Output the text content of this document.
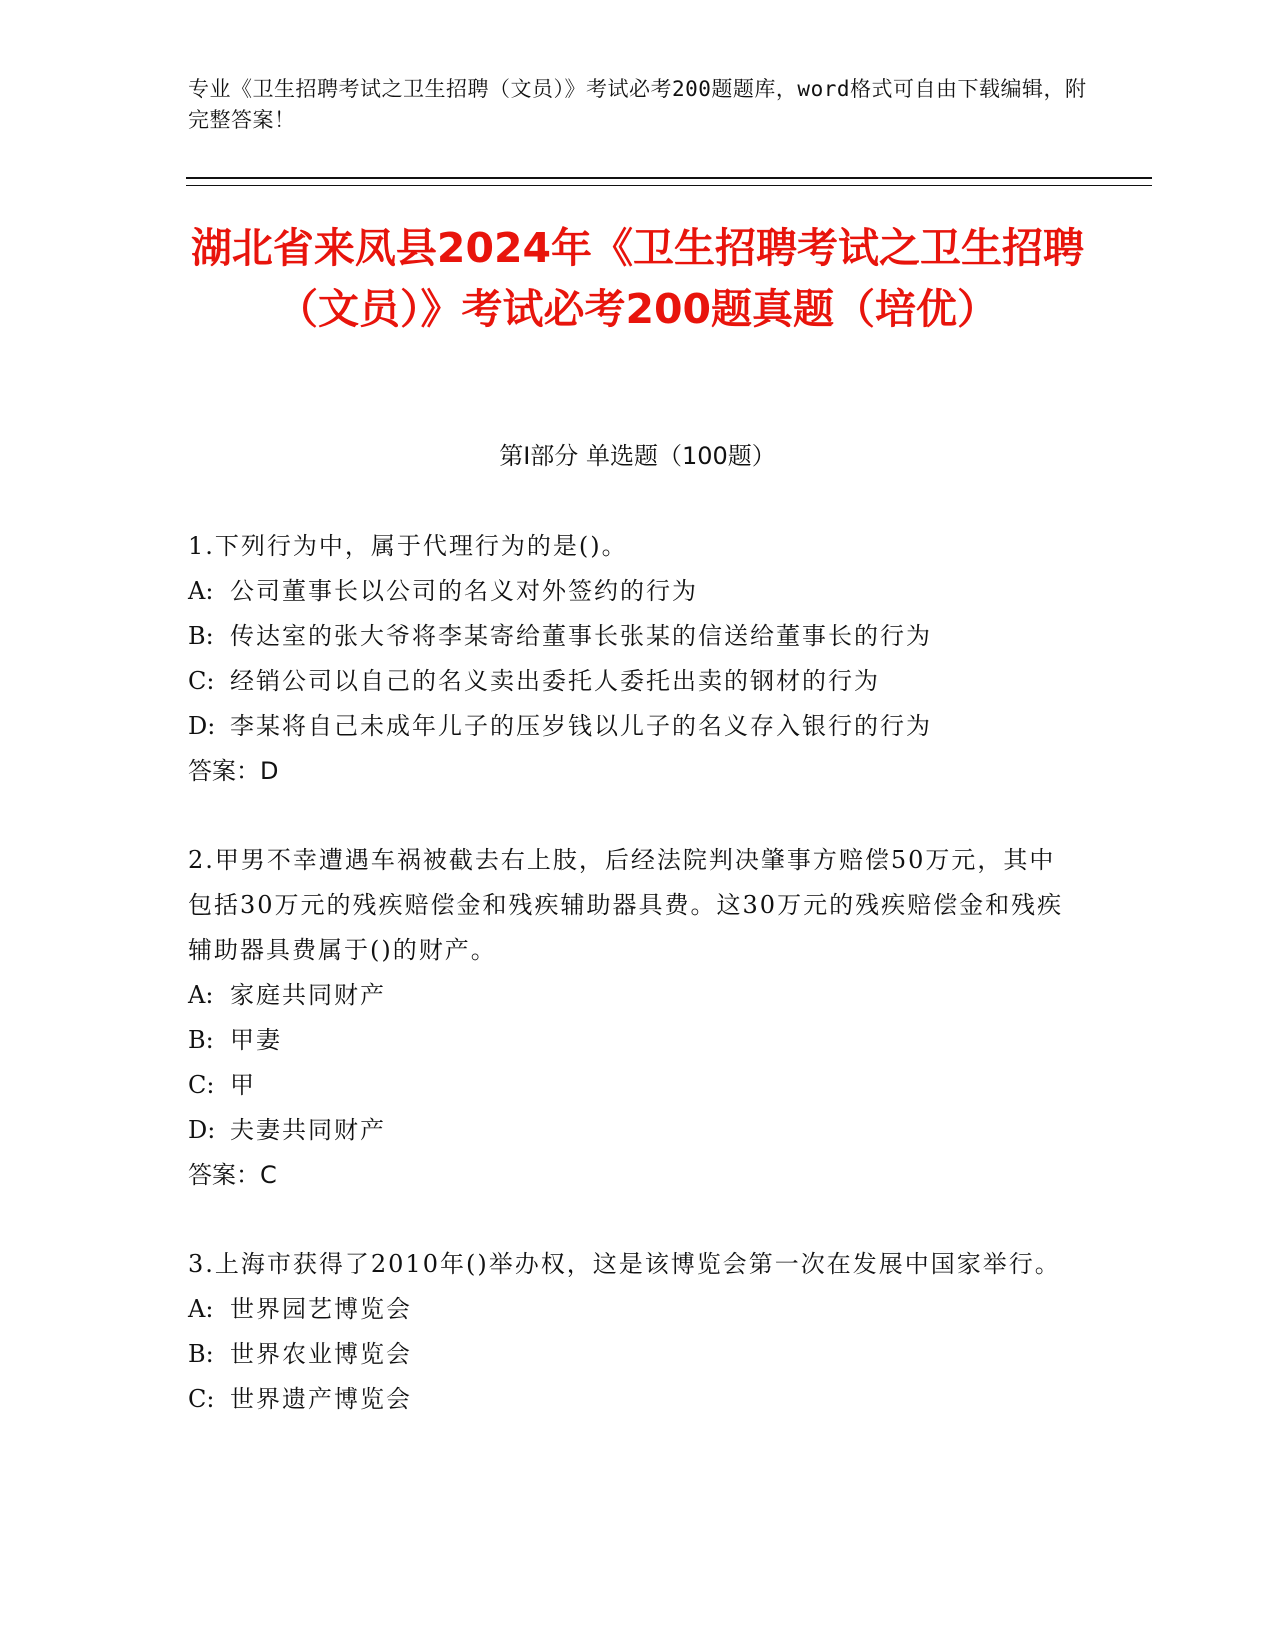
专业《卫生招聘考试之卫生招聘（文员）》考试必考200题题库，word格式可自由下载编辑，附完整答案！
湖北省来凤县2024年《卫生招聘考试之卫生招聘（文员）》考试必考200题真题（培优）
第I部分 单选题（100题）

1.下列行为中，属于代理行为的是()。

A: 公司董事长以公司的名义对外签约的行为

B: 传达室的张大爷将李某寄给董事长张某的信送给董事长的行为

C: 经销公司以自己的名义卖出委托人委托出卖的钢材的行为

D: 李某将自己未成年儿子的压岁钱以儿子的名义存入银行的行为

答案：D

2.甲男不幸遭遇车祸被截去右上肢，后经法院判决肇事方赔偿50万元，其中包括30万元的残疾赔偿金和残疾辅助器具费。这30万元的残疾赔偿金和残疾辅助器具费属于()的财产。

A: 家庭共同财产

B: 甲妻

C: 甲

D: 夫妻共同财产

答案：C

3.上海市获得了2010年()举办权，这是该博览会第一次在发展中国家举行。

A: 世界园艺博览会

B: 世界农业博览会

C: 世界遗产博览会
